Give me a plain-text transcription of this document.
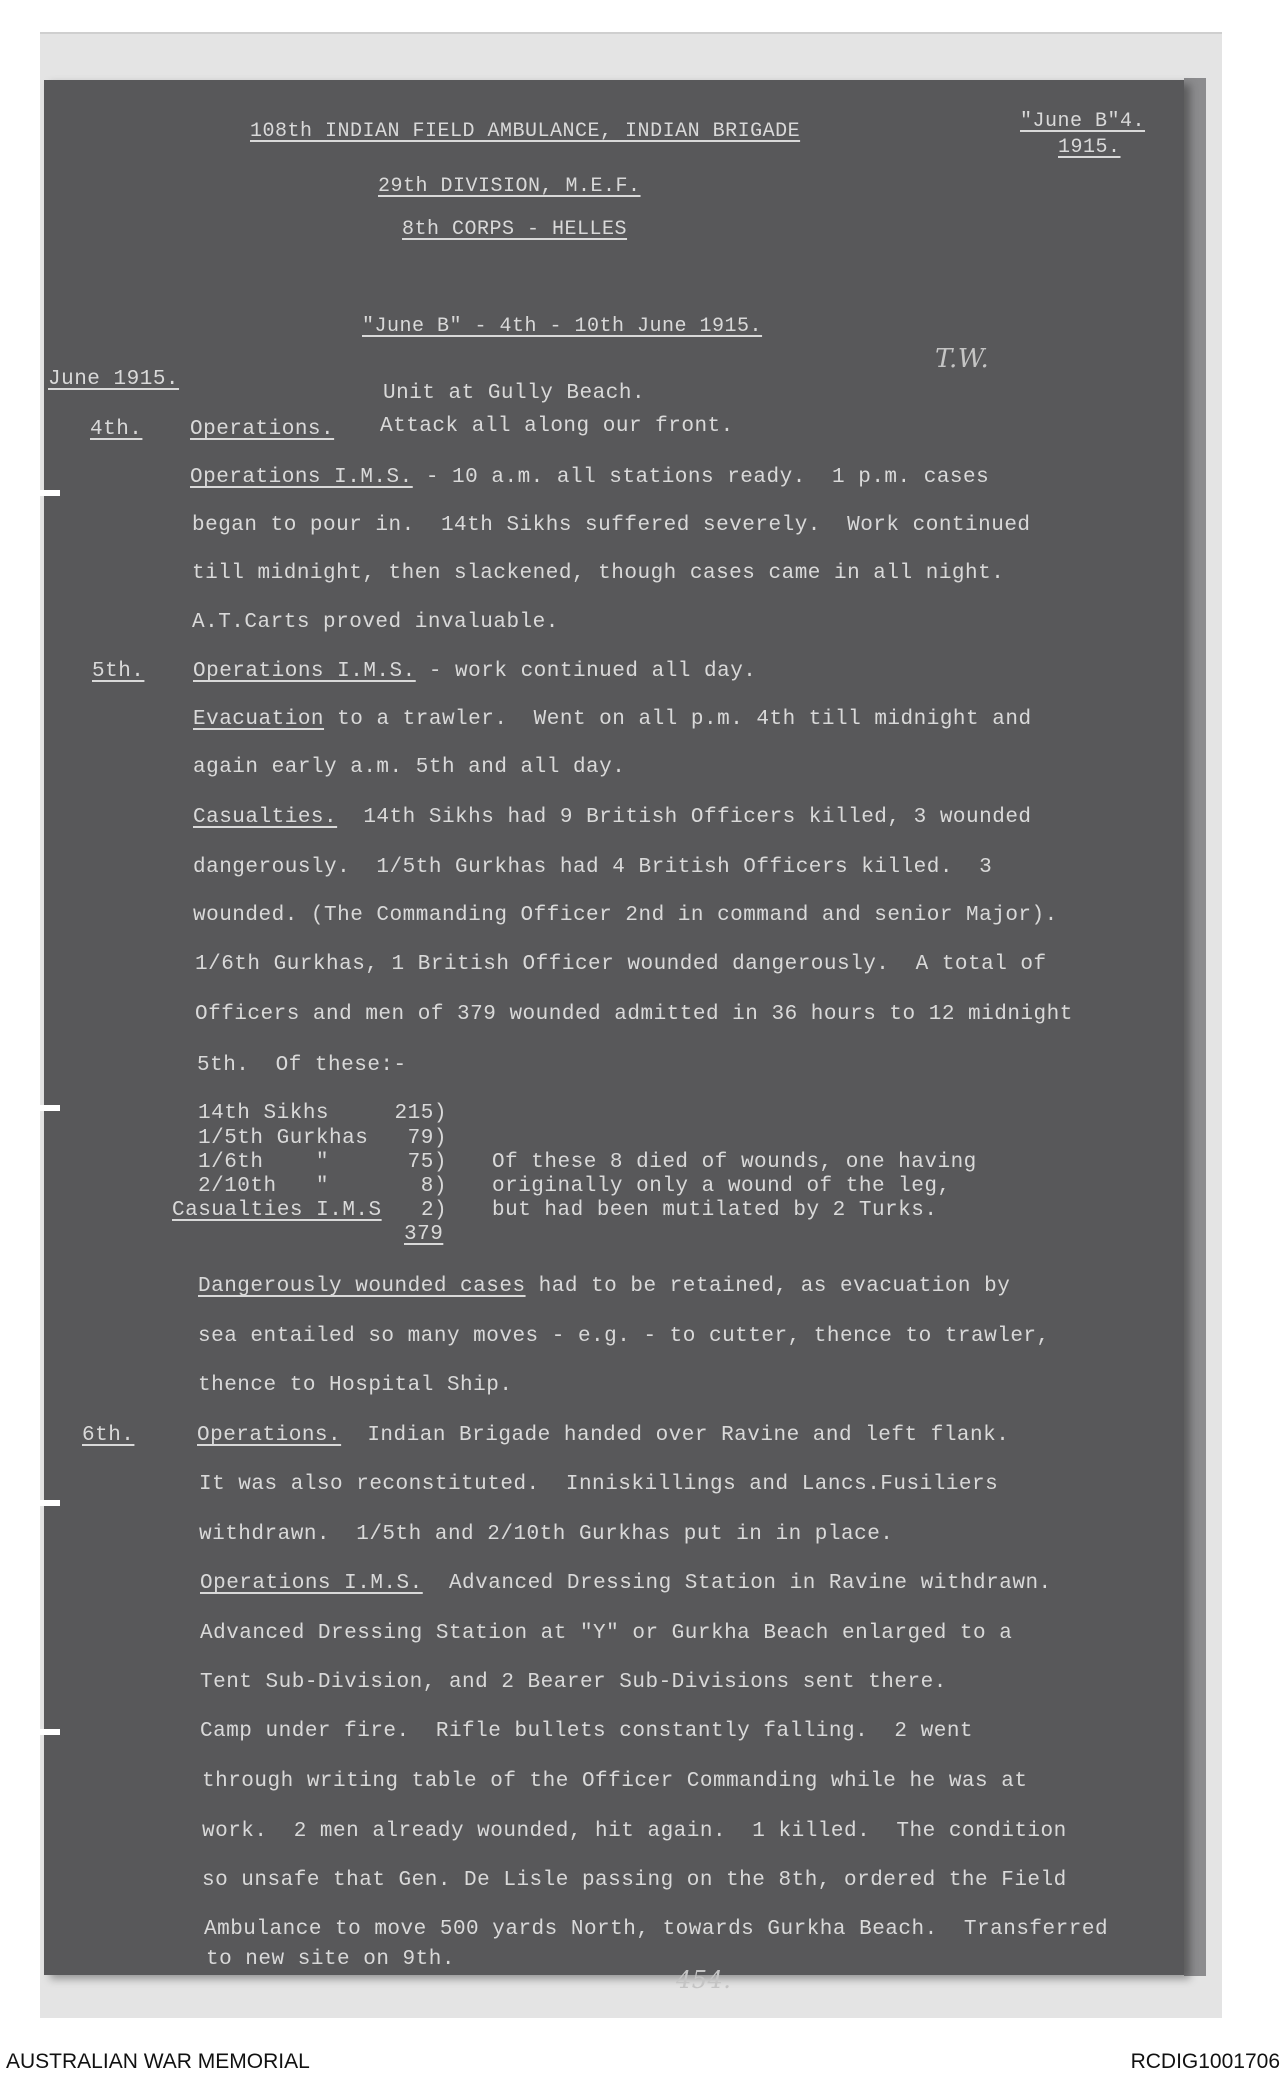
108th INDIAN FIELD AMBULANCE, INDIAN BRIGADE
29th DIVISION, M.E.F.
8th CORPS - HELLES
"June B"4.
1915.
"June B" - 4th - 10th June 1915.
T.W.
June 1915.
Unit at Gully Beach.
4th. Operations. Attack all along our front.
Operations I.M.S. - 10 a.m. all stations ready.  1 p.m. cases
began to pour in.  14th Sikhs suffered severely.  Work continued
till midnight, then slackened, though cases came in all night.
A.T.Carts proved invaluable.
5th. Operations I.M.S. - work continued all day.
Evacuation to a trawler.  Went on all p.m. 4th till midnight and
again early a.m. 5th and all day.
Casualties.  14th Sikhs had 9 British Officers killed, 3 wounded
dangerously.  1/5th Gurkhas had 4 British Officers killed.  3
wounded. (The Commanding Officer 2nd in command and senior Major).
1/6th Gurkhas, 1 British Officer wounded dangerously.  A total of
Officers and men of 379 wounded admitted in 36 hours to 12 midnight
5th.  Of these:-
14th Sikhs     215)
1/5th Gurkhas   79)
1/6th    "      75)
2/10th   "       8)
Casualties I.M.S   2)
379
Of these 8 died of wounds, one having
originally only a wound of the leg,
but had been mutilated by 2 Turks.
Dangerously wounded cases had to be retained, as evacuation by
sea entailed so many moves - e.g. - to cutter, thence to trawler,
thence to Hospital Ship.
6th.	Operations.  Indian Brigade handed over Ravine and left flank.
It was also reconstituted.  Inniskillings and Lancs.Fusiliers
withdrawn.  1/5th and 2/10th Gurkhas put in in place.
Operations I.M.S.  Advanced Dressing Station in Ravine withdrawn.
Advanced Dressing Station at "Y" or Gurkha Beach enlarged to a
Tent Sub-Division, and 2 Bearer Sub-Divisions sent there.
Camp under fire.  Rifle bullets constantly falling.  2 went
through writing table of the Officer Commanding while he was at
work.  2 men already wounded, hit again.  1 killed.  The condition
so unsafe that Gen. De Lisle passing on the 8th, ordered the Field
Ambulance to move 500 yards North, towards Gurkha Beach.  Transferred
to new site on 9th.
454.
AUSTRALIAN WAR MEMORIAL	RCDIG1001706
